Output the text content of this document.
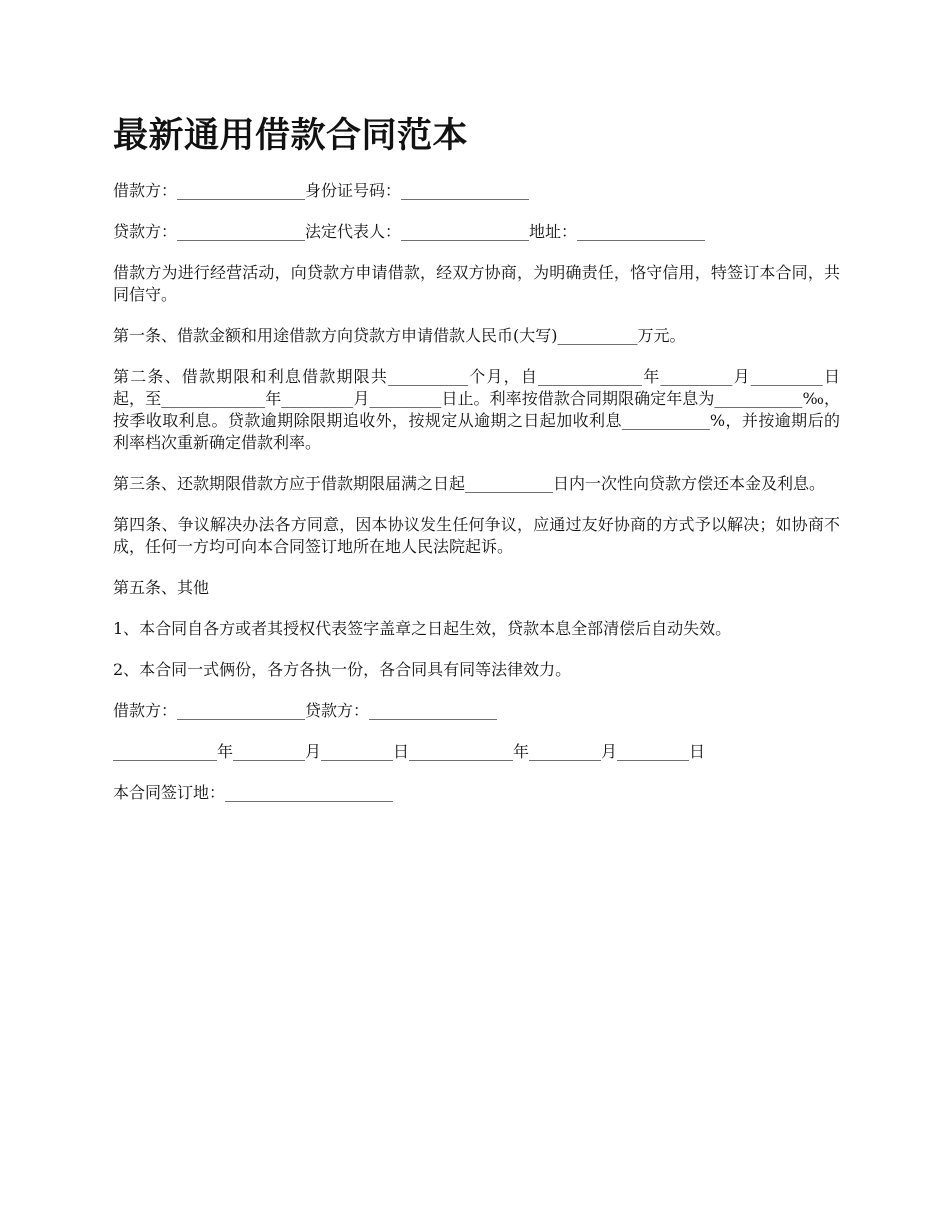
最新通用借款合同范本

借款方：________________身份证号码：________________

贷款方：________________法定代表人：________________地址：________________

借款方为进行经营活动，向贷款方申请借款，经双方协商，为明确责任，恪守信用，特签订本合同，共同信守。

第一条、借款金额和用途借款方向贷款方申请借款人民币(大写)__________万元。

第二条、借款期限和利息借款期限共__________个月，自_____________年_________月_________日起，至_____________年_________月_________日止。利率按借款合同期限确定年息为___________‰，按季收取利息。贷款逾期除限期追收外，按规定从逾期之日起加收利息___________%，并按逾期后的利率档次重新确定借款利率。

第三条、还款期限借款方应于借款期限届满之日起___________日内一次性向贷款方偿还本金及利息。

第四条、争议解决办法各方同意，因本协议发生任何争议，应通过友好协商的方式予以解决；如协商不成，任何一方均可向本合同签订地所在地人民法院起诉。

第五条、其他

1、本合同自各方或者其授权代表签字盖章之日起生效，贷款本息全部清偿后自动失效。

2、本合同一式俩份，各方各执一份，各合同具有同等法律效力。

借款方：________________贷款方：________________

_____________年_________月_________日_____________年_________月_________日

本合同签订地：_____________________
